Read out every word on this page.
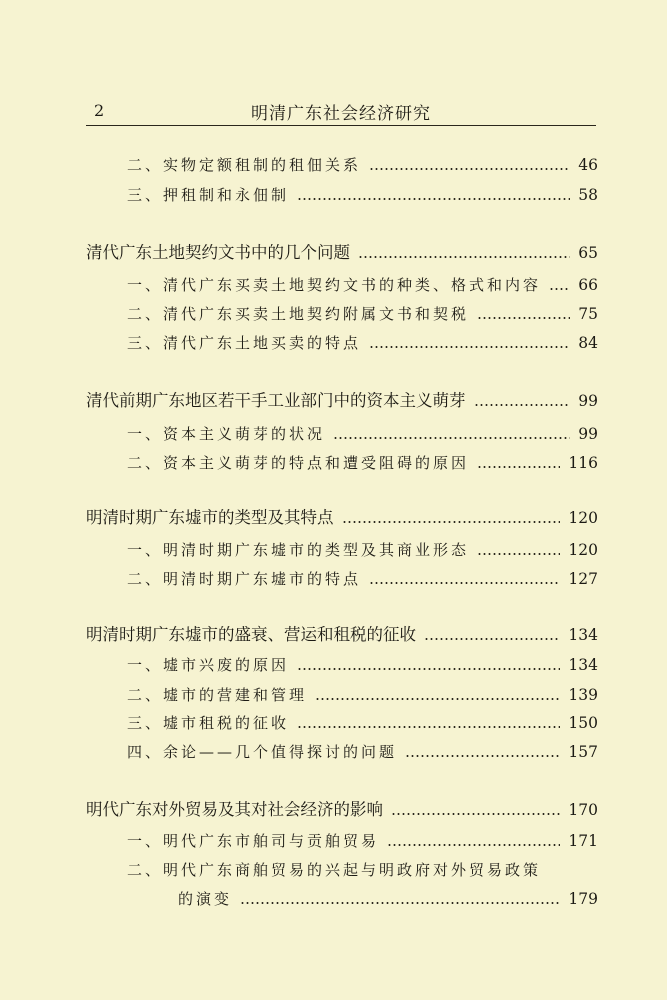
2	明清广东社会经济研究
二、实物定额租制的租佃关系	46
三、押租制和永佃制	58
清代广东土地契约文书中的几个问题	65
一、清代广东买卖土地契约文书的种类、格式和内容 66
二、清代广东买卖土地契约附属文书和契税	75
三、清代广东土地买卖的特点	84
清代前期广东地区若干手工业部门中的资本主义萌芽	99
一、资本主义萌芽的状况	99
二、资本主义萌芽的特点和遭受阻碍的原因	116
明清时期广东墟市的类型及其特点	120
一、明清时期广东墟市的类型及其商业形态	120
二、明清时期广东墟市的特点	127
明清时期广东墟市的盛衰、营运和租税的征收	134
一、墟市兴废的原因	134
二、墟市的营建和管理	139
三、墟市租税的征收	150
四、余论——几个值得探讨的问题	157
明代广东对外贸易及其对社会经济的影响	170
一、明代广东市舶司与贡舶贸易	171
二、明代广东商舶贸易的兴起与明政府对外贸易政策
的演变	179
